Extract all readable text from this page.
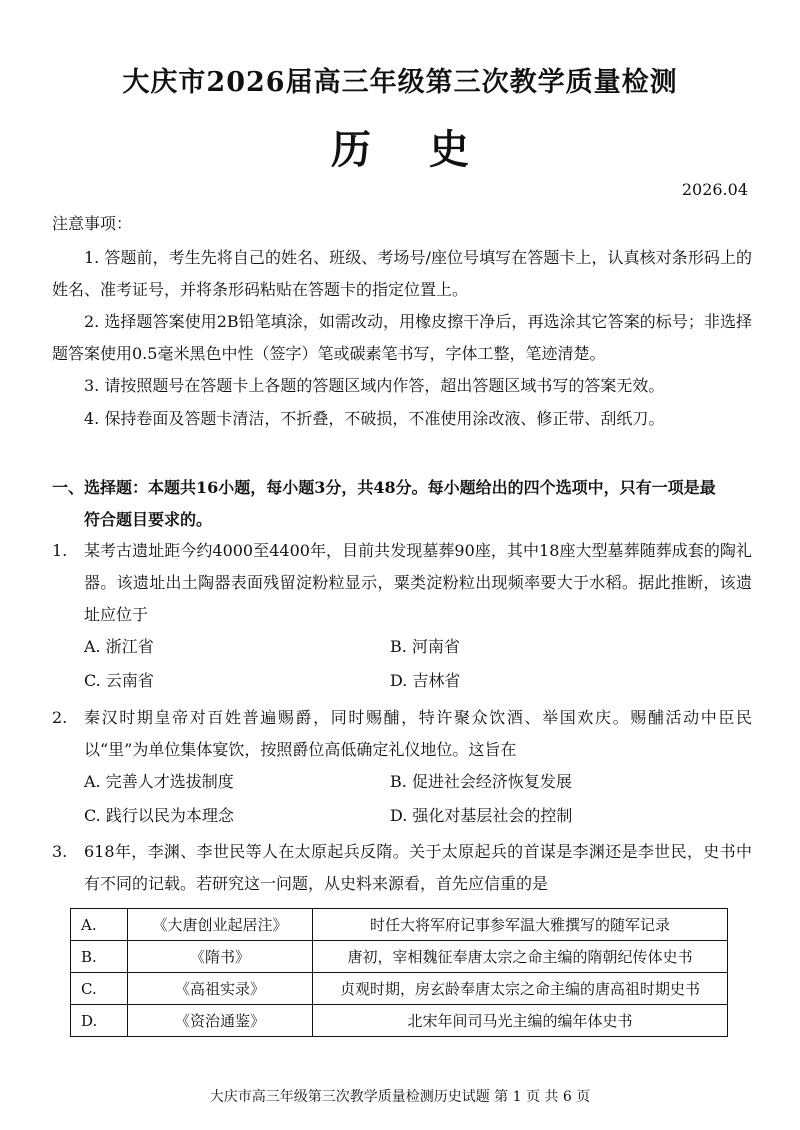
大庆市2026届高三年级第三次教学质量检测
历 史
2026.04
注意事项：
1. 答题前，考生先将自己的姓名、班级、考场号/座位号填写在答题卡上，认真核对条形码上的姓名、准考证号，并将条形码粘贴在答题卡的指定位置上。
2. 选择题答案使用2B铅笔填涂，如需改动，用橡皮擦干净后，再选涂其它答案的标号；非选择题答案使用0.5毫米黑色中性（签字）笔或碳素笔书写，字体工整，笔迹清楚。
3. 请按照题号在答题卡上各题的答题区域内作答，超出答题区域书写的答案无效。
4. 保持卷面及答题卡清洁，不折叠，不破损，不准使用涂改液、修正带、刮纸刀。
一、选择题：本题共16小题，每小题3分，共48分。每小题给出的四个选项中，只有一项是最
符合题目要求的。
1.	某考古遗址距今约4000至4400年，目前共发现墓葬90座，其中18座大型墓葬随葬成套的陶礼器。该遗址出土陶器表面残留淀粉粒显示，粟类淀粉粒出现频率要大于水稻。据此推断，该遗址应位于
A. 浙江省	B. 河南省
C. 云南省	D. 吉林省
2.	秦汉时期皇帝对百姓普遍赐爵，同时赐酺，特许聚众饮酒、举国欢庆。赐酺活动中臣民以“里”为单位集体宴饮，按照爵位高低确定礼仪地位。这旨在
A. 完善人才选拔制度	B. 促进社会经济恢复发展
C. 践行以民为本理念	D. 强化对基层社会的控制
3.	618年，李渊、李世民等人在太原起兵反隋。关于太原起兵的首谋是李渊还是李世民，史书中有不同的记载。若研究这一问题，从史料来源看，首先应信重的是
A.	《大唐创业起居注》	时任大将军府记事参军温大雅撰写的随军记录
B.	《隋书》	唐初，宰相魏征奉唐太宗之命主编的隋朝纪传体史书
C.	《高祖实录》	贞观时期，房玄龄奉唐太宗之命主编的唐高祖时期史书
D.	《资治通鉴》	北宋年间司马光主编的编年体史书
大庆市高三年级第三次教学质量检测历史试题 第 1 页 共 6 页
